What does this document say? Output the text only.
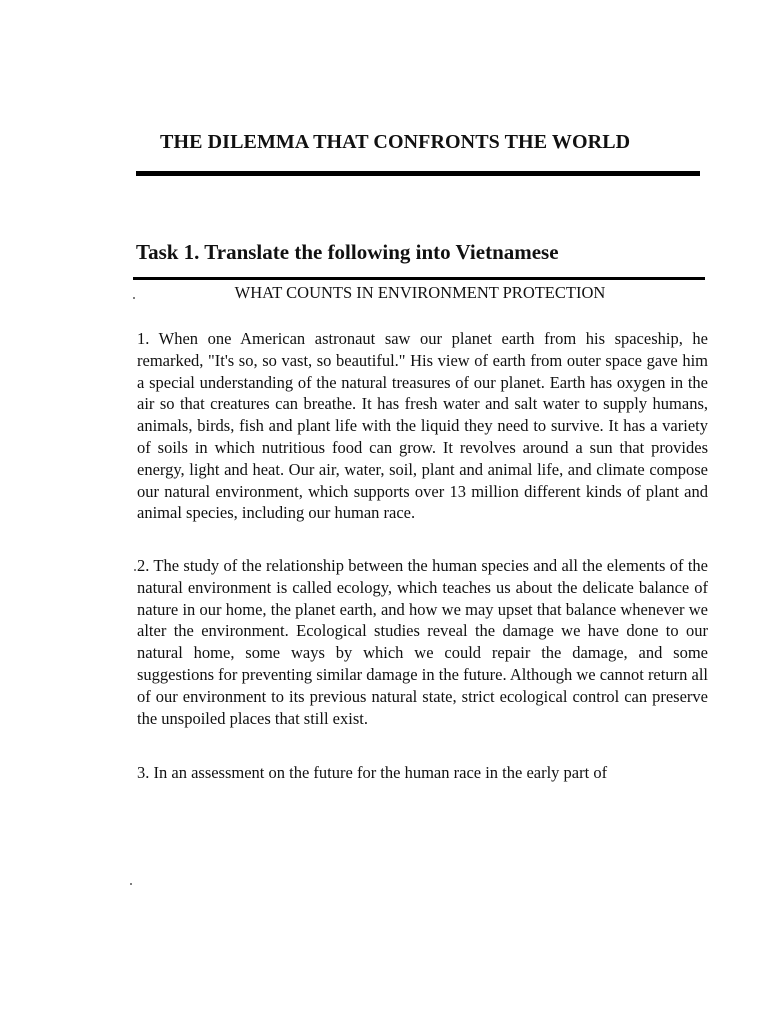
THE DILEMMA THAT CONFRONTS THE WORLD
Task 1. Translate the following into Vietnamese
WHAT COUNTS IN ENVIRONMENT PROTECTION

1. When one American astronaut saw our planet earth from his spaceship, he remarked, "It's so, so vast, so beautiful." His view of earth from outer space gave him a special understanding of the natural treasures of our planet. Earth has oxygen in the air so that creatures can breathe. It has fresh water and salt water to supply humans, animals, birds, fish and plant life with the liquid they need to survive. It has a variety of soils in which nutritious food can grow. It revolves around a sun that provides energy, light and heat. Our air, water, soil, plant and animal life, and climate compose our natural environment, which supports over 13 million different kinds of plant and animal species, including our human race.

2. The study of the relationship between the human species and all the elements of the natural environment is called ecology, which teaches us about the delicate balance of nature in our home, the planet earth, and how we may upset that balance whenever we alter the environment. Ecological studies reveal the damage we have done to our natural home, some ways by which we could repair the damage, and some suggestions for preventing similar damage in the future. Although we cannot return all of our environment to its previous natural state, strict ecological control can preserve the unspoiled places that still exist.

3. In an assessment on the future for the human race in the early part of
